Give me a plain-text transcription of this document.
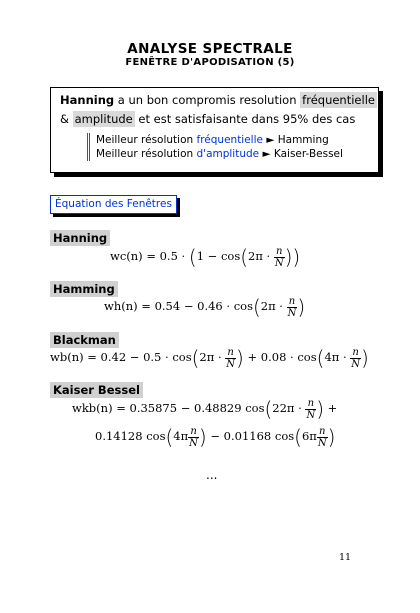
ANALYSE SPECTRALE
FENÊTRE D'APODISATION (5)
Hanning a un bon compromis resolution fréquentielle
& amplitude et est satisfaisante dans 95% des cas
Meilleur résolution fréquentielle ► Hamming
Meilleur résolution d'amplitude ► Kaiser-Bessel
Équation des Fenêtres
Hanning
$wc(n) = 0.5 \cdot (1 - \cos(2\pi \cdot \frac{n}{N}$ ))
Hamming
$wh(n) = 0.54 - 0.46 \cdot \cos(2\pi \cdot \frac{n}{N}$ )
Blackman
$wb(n) = 0.42 - 0.5 \cdot \cos(2\pi \cdot \frac{n}{N}$ ) + $0.08 \cdot \cos(4\pi \cdot \frac{n}{N}$ )
Kaiser Bessel
wkb(n) = 0.35875 − 0.48829 $\cos(22\pi \cdot \frac{n}{N}$ ) +
0.14128 $\cos(4\pi \frac{n}{N}$ ) − 0.01168 $\cos(6\pi \frac{n}{N}$ )
...
11
